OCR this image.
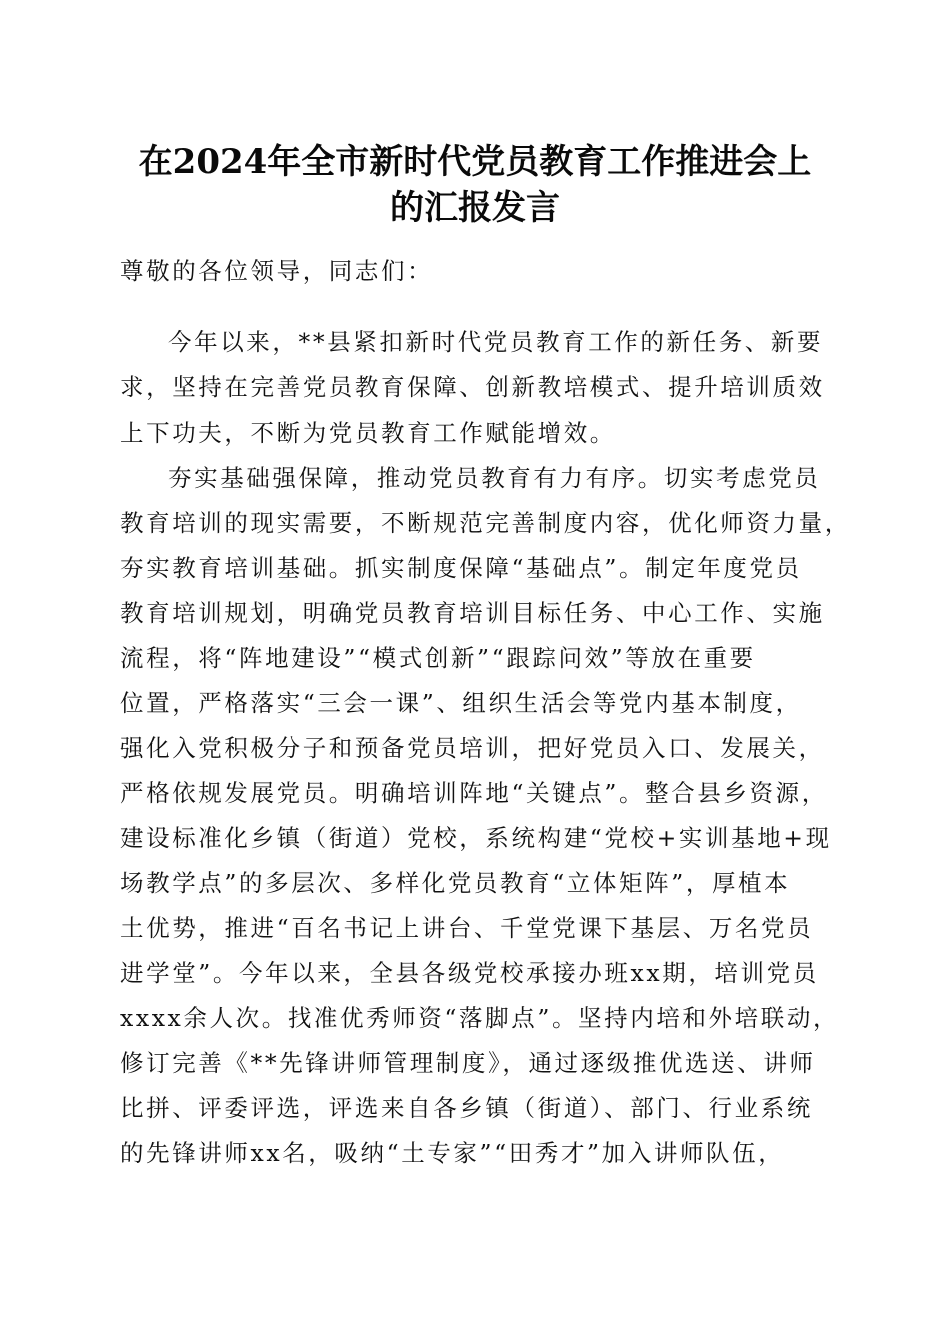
在2024年全市新时代党员教育工作推进会上
的汇报发言
尊敬的各位领导，同志们：
今年以来，**县紧扣新时代党员教育工作的新任务、新要
求，坚持在完善党员教育保障、创新教培模式、提升培训质效
上下功夫，不断为党员教育工作赋能增效。
夯实基础强保障，推动党员教育有力有序。切实考虑党员
教育培训的现实需要，不断规范完善制度内容，优化师资力量，
夯实教育培训基础。抓实制度保障“基础点”。制定年度党员
教育培训规划，明确党员教育培训目标任务、中心工作、实施
流程，将“阵地建设”“模式创新”“跟踪问效”等放在重要
位置，严格落实“三会一课”、组织生活会等党内基本制度，
强化入党积极分子和预备党员培训，把好党员入口、发展关，
严格依规发展党员。明确培训阵地“关键点”。整合县乡资源，
建设标准化乡镇（街道）党校，系统构建“党校+实训基地+现
场教学点”的多层次、多样化党员教育“立体矩阵”，厚植本
土优势，推进“百名书记上讲台、千堂党课下基层、万名党员
进学堂”。今年以来，全县各级党校承接办班xx期，培训党员
xxxx余人次。找准优秀师资“落脚点”。坚持内培和外培联动，
修订完善《**先锋讲师管理制度》，通过逐级推优选送、讲师
比拼、评委评选，评选来自各乡镇（街道）、部门、行业系统
的先锋讲师xx名，吸纳“土专家”“田秀才”加入讲师队伍，
